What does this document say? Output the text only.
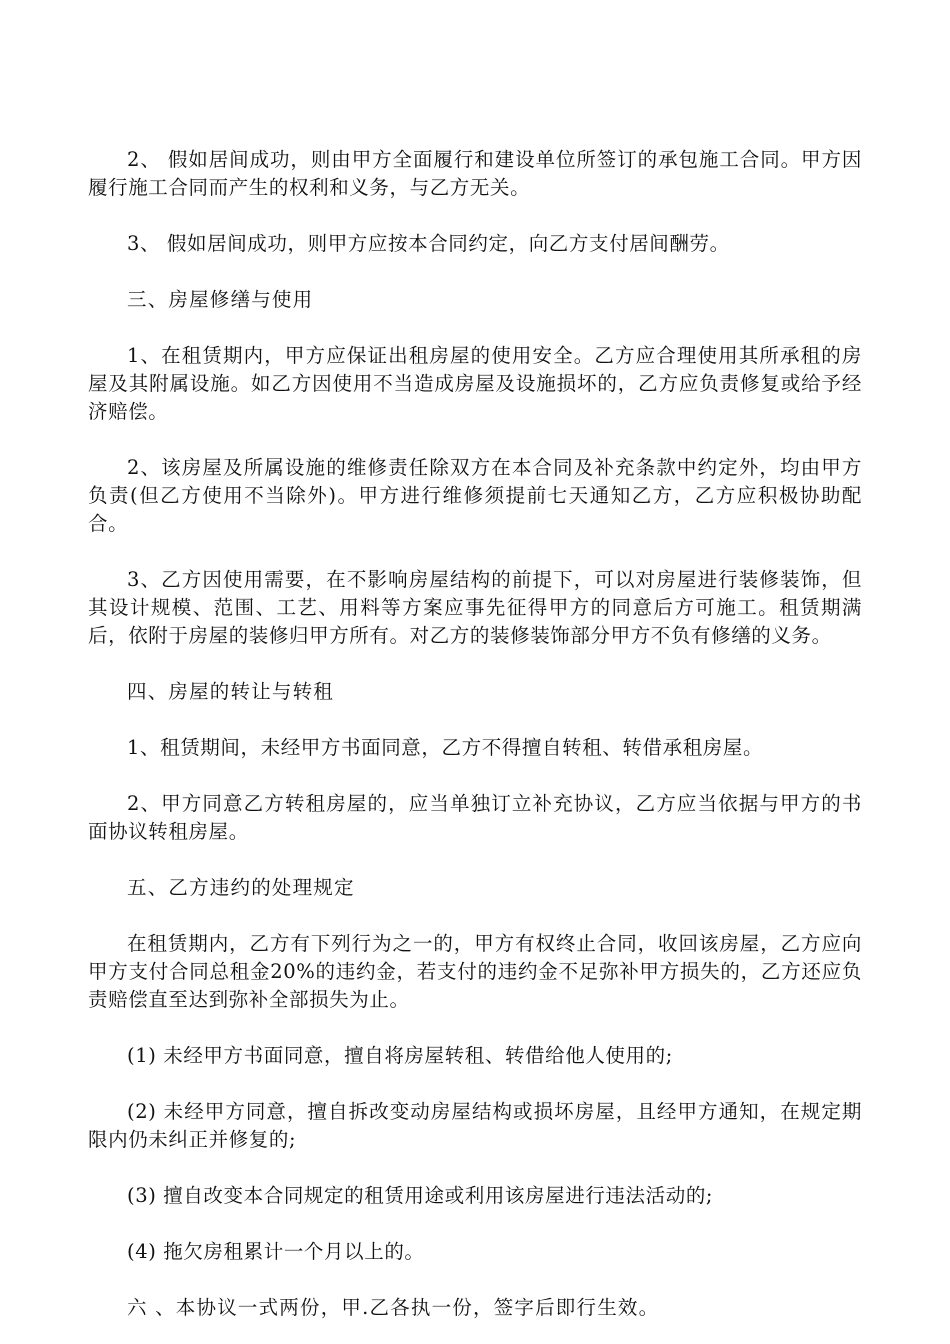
2、 假如居间成功，则由甲方全面履行和建设单位所签订的承包施工合同。甲方因履行施工合同而产生的权利和义务，与乙方无关。

3、 假如居间成功，则甲方应按本合同约定，向乙方支付居间酬劳。

三、房屋修缮与使用

1、在租赁期内，甲方应保证出租房屋的使用安全。乙方应合理使用其所承租的房屋及其附属设施。如乙方因使用不当造成房屋及设施损坏的，乙方应负责修复或给予经济赔偿。

2、该房屋及所属设施的维修责任除双方在本合同及补充条款中约定外，均由甲方负责(但乙方使用不当除外)。甲方进行维修须提前七天通知乙方，乙方应积极协助配合。

3、乙方因使用需要，在不影响房屋结构的前提下，可以对房屋进行装修装饰，但其设计规模、范围、工艺、用料等方案应事先征得甲方的同意后方可施工。租赁期满后，依附于房屋的装修归甲方所有。对乙方的装修装饰部分甲方不负有修缮的义务。

四、房屋的转让与转租

1、租赁期间，未经甲方书面同意，乙方不得擅自转租、转借承租房屋。

2、甲方同意乙方转租房屋的，应当单独订立补充协议，乙方应当依据与甲方的书面协议转租房屋。

五、乙方违约的处理规定

在租赁期内，乙方有下列行为之一的，甲方有权终止合同，收回该房屋，乙方应向甲方支付合同总租金20%的违约金，若支付的违约金不足弥补甲方损失的，乙方还应负责赔偿直至达到弥补全部损失为止。

(1) 未经甲方书面同意，擅自将房屋转租、转借给他人使用的;

(2) 未经甲方同意，擅自拆改变动房屋结构或损坏房屋，且经甲方通知，在规定期限内仍未纠正并修复的;

(3) 擅自改变本合同规定的租赁用途或利用该房屋进行违法活动的;

(4) 拖欠房租累计一个月以上的。

六 、本协议一式两份，甲.乙各执一份，签字后即行生效。
